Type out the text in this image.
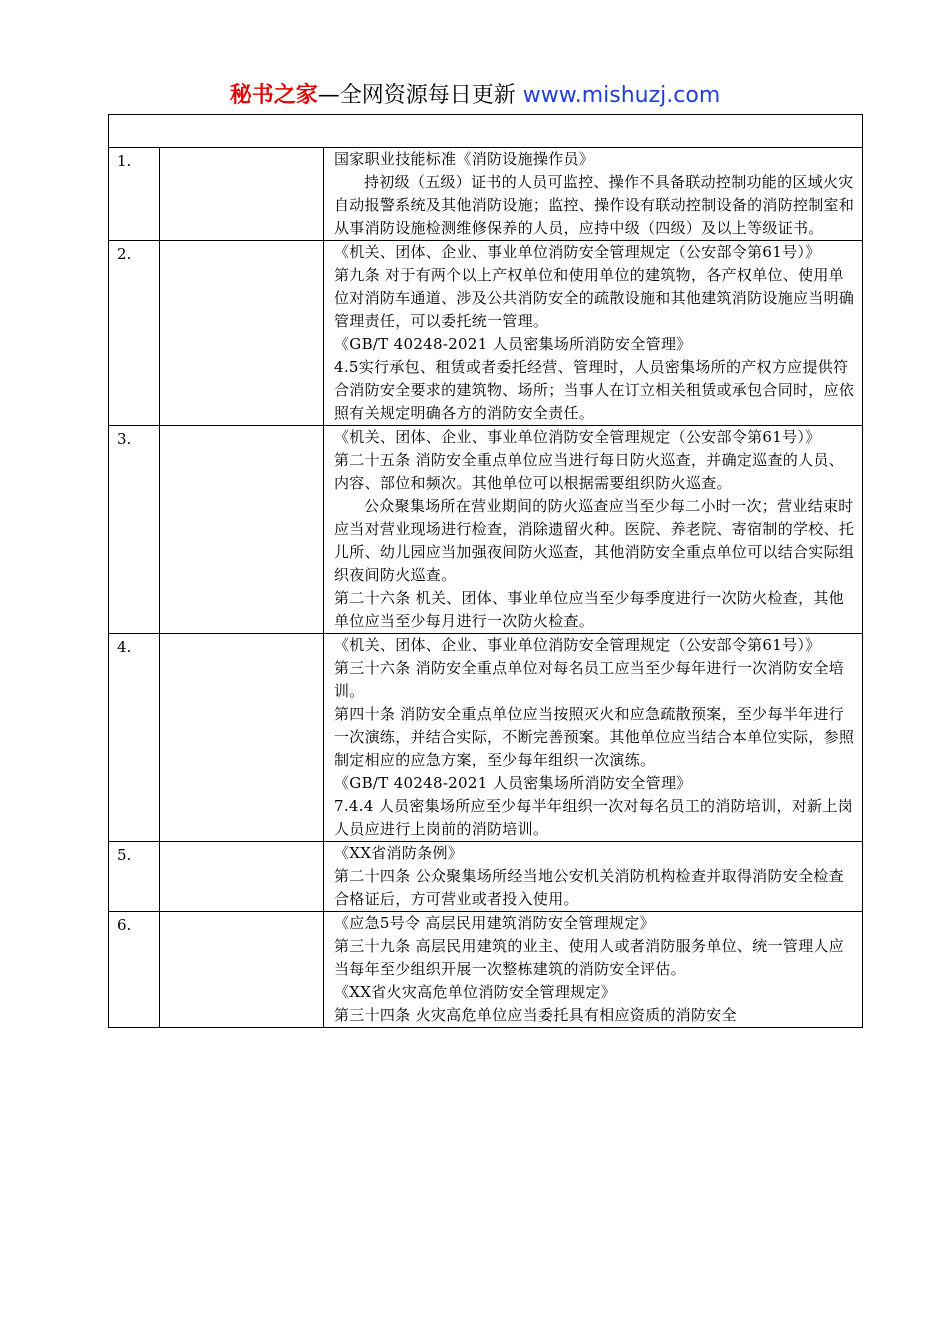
秘书之家—全网资源每日更新 www.mishuzj.com

1.		国家职业技能标准《消防设施操作员》
持初级（五级）证书的人员可监控、操作不具备联动控制功能的区域火灾自动报警系统及其他消防设施；监控、操作设有联动控制设备的消防控制室和从事消防设施检测维修保养的人员，应持中级（四级）及以上等级证书。

2.		《机关、团体、企业、事业单位消防安全管理规定（公安部令第61号）》
第九条 对于有两个以上产权单位和使用单位的建筑物，各产权单位、使用单位对消防车通道、涉及公共消防安全的疏散设施和其他建筑消防设施应当明确管理责任，可以委托统一管理。
《GB/T 40248-2021 人员密集场所消防安全管理》
4.5实行承包、租赁或者委托经营、管理时，人员密集场所的产权方应提供符合消防安全要求的建筑物、场所；当事人在订立相关租赁或承包合同时，应依照有关规定明确各方的消防安全责任。

3.		《机关、团体、企业、事业单位消防安全管理规定（公安部令第61号）》
第二十五条 消防安全重点单位应当进行每日防火巡查，并确定巡查的人员、内容、部位和频次。其他单位可以根据需要组织防火巡查。
公众聚集场所在营业期间的防火巡查应当至少每二小时一次；营业结束时应当对营业现场进行检查，消除遗留火种。医院、养老院、寄宿制的学校、托儿所、幼儿园应当加强夜间防火巡查，其他消防安全重点单位可以结合实际组织夜间防火巡查。
第二十六条 机关、团体、事业单位应当至少每季度进行一次防火检查，其他单位应当至少每月进行一次防火检查。

4.		《机关、团体、企业、事业单位消防安全管理规定（公安部令第61号）》
第三十六条 消防安全重点单位对每名员工应当至少每年进行一次消防安全培训。
第四十条 消防安全重点单位应当按照灭火和应急疏散预案，至少每半年进行一次演练，并结合实际，不断完善预案。其他单位应当结合本单位实际，参照制定相应的应急方案，至少每年组织一次演练。
《GB/T 40248-2021 人员密集场所消防安全管理》
7.4.4 人员密集场所应至少每半年组织一次对每名员工的消防培训，对新上岗人员应进行上岗前的消防培训。

5.		《XX省消防条例》
第二十四条 公众聚集场所经当地公安机关消防机构检查并取得消防安全检查合格证后，方可营业或者投入使用。

6.		《应急5号令 高层民用建筑消防安全管理规定》
第三十九条 高层民用建筑的业主、使用人或者消防服务单位、统一管理人应当每年至少组织开展一次整栋建筑的消防安全评估。
《XX省火灾高危单位消防安全管理规定》
第三十四条 火灾高危单位应当委托具有相应资质的消防安全
